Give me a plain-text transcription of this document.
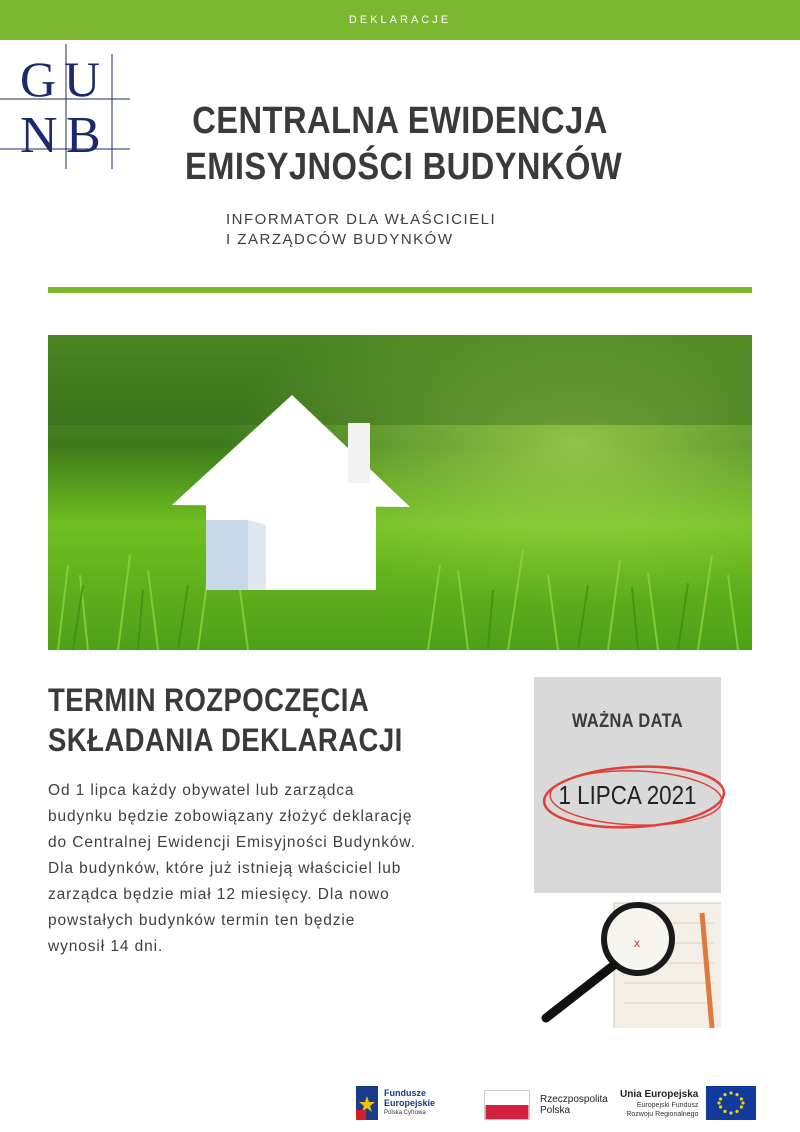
DEKLARACJE
G U
N B CENTRALNA EWIDENCJA
EMISYJNOŚCI BUDYNKÓW
INFORMATOR DLA WŁAŚCICIELI
I ZARZĄDCÓW BUDYNKÓW
TERMIN ROZPOCZĘCIA
SKŁADANIA DEKLARACJI
Od 1 lipca każdy obywatel lub zarządca
budynku będzie zobowiązany złożyć deklarację
do Centralnej Ewidencji Emisyjności Budynków.
Dla budynków, które już istnieją właściciel lub
zarządca będzie miał 12 miesięcy. Dla nowo
powstałych budynków termin ten będzie
wynosił 14 dni.
WAŻNA DATA
1 LIPCA 2021
x
Fundusze
Europejskie
Polska Cyfrowa
Rzeczpospolita
Polska
Unia Europejska
Europejski Fundusz
Rozwoju Regionalnego
